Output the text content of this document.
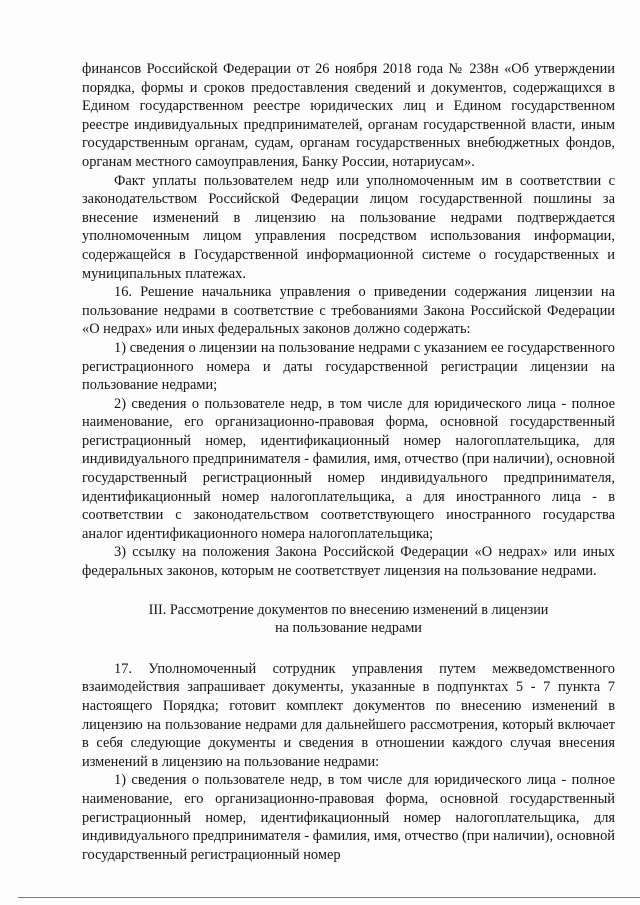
финансов Российской Федерации от 26 ноября 2018 года № 238н «Об утверждении порядка, формы и сроков предоставления сведений и документов, содержащихся в Едином государственном реестре юридических лиц и Едином государственном реестре индивидуальных предпринимателей, органам государственной власти, иным государственным органам, судам, органам государственных внебюджетных фондов, органам местного самоуправления, Банку России, нотариусам».

Факт уплаты пользователем недр или уполномоченным им в соответствии с законодательством Российской Федерации лицом государственной пошлины за внесение изменений в лицензию на пользование недрами подтверждается уполномоченным лицом управления посредством использования информации, содержащейся в Государственной информационной системе о государственных и муниципальных платежах.

16. Решение начальника управления о приведении содержания лицензии на пользование недрами в соответствие с требованиями Закона Российской Федерации «О недрах» или иных федеральных законов должно содержать:

1) сведения о лицензии на пользование недрами с указанием ее государственного регистрационного номера и даты государственной регистрации лицензии на пользование недрами;

2) сведения о пользователе недр, в том числе для юридического лица - полное наименование, его организационно-правовая форма, основной государственный регистрационный номер, идентификационный номер налогоплательщика, для индивидуального предпринимателя - фамилия, имя, отчество (при наличии), основной государственный регистрационный номер индивидуального предпринимателя, идентификационный номер налогоплательщика, а для иностранного лица - в соответствии с законодательством соответствующего иностранного государства аналог идентификационного номера налогоплательщика;

3) ссылку на положения Закона Российской Федерации «О недрах» или иных федеральных законов, которым не соответствует лицензия на пользование недрами.

III. Рассмотрение документов по внесению изменений в лицензии
на пользование недрами

17. Уполномоченный сотрудник управления путем межведомственного взаимодействия запрашивает документы, указанные в подпунктах 5 - 7 пункта 7 настоящего Порядка; готовит комплект документов по внесению изменений в лицензию на пользование недрами для дальнейшего рассмотрения, который включает в себя следующие документы и сведения в отношении каждого случая внесения изменений в лицензию на пользование недрами:

1) сведения о пользователе недр, в том числе для юридического лица - полное наименование, его организационно-правовая форма, основной государственный регистрационный номер, идентификационный номер налогоплательщика, для индивидуального предпринимателя - фамилия, имя, отчество (при наличии), основной государственный регистрационный номер
